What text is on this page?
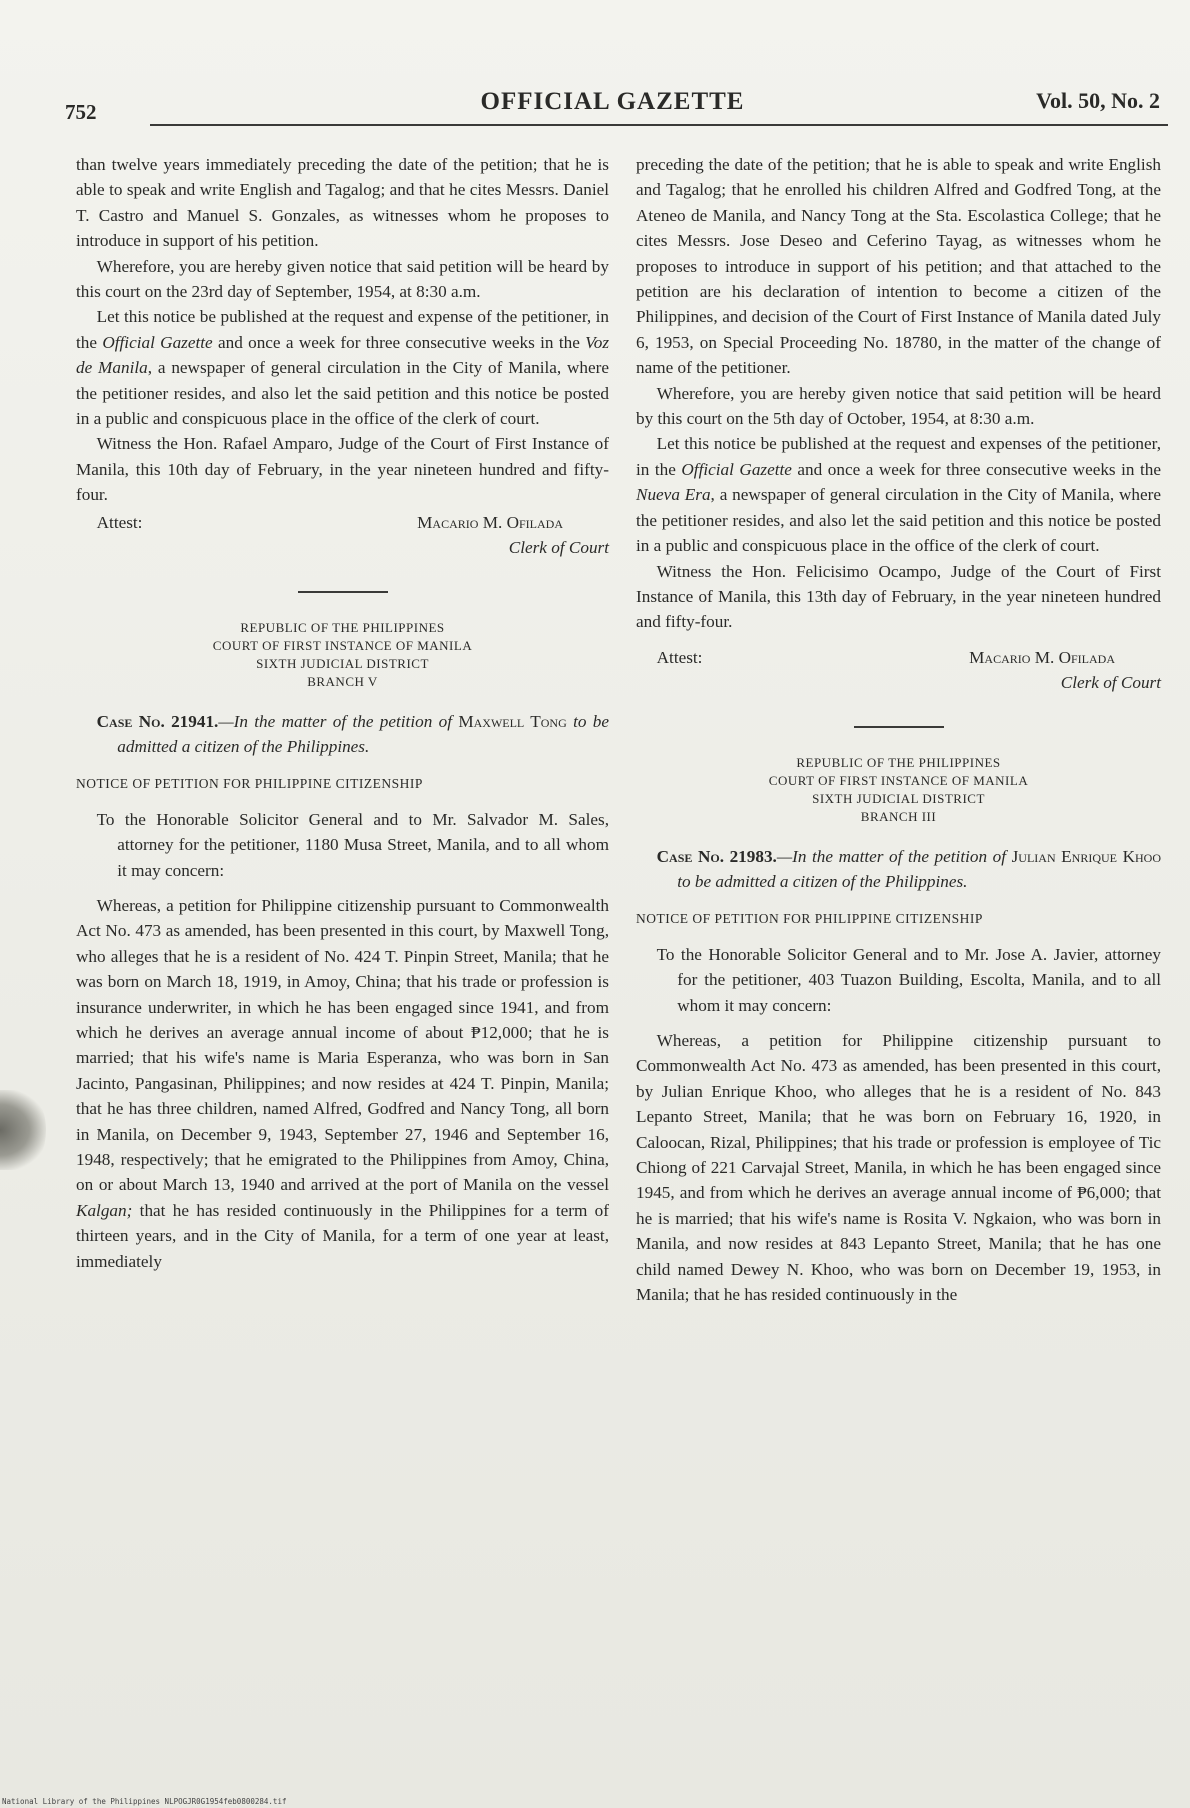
752	OFFICIAL GAZETTE	Vol. 50, No. 2

than twelve years immediately preceding the date of the petition; that he is able to speak and write English and Tagalog; and that he cites Messrs. Daniel T. Castro and Manuel S. Gonzales, as witnesses whom he proposes to introduce in support of his petition.

Wherefore, you are hereby given notice that said petition will be heard by this court on the 23rd day of September, 1954, at 8:30 a.m.

Let this notice be published at the request and expense of the petitioner, in the Official Gazette and once a week for three consecutive weeks in the Voz de Manila, a newspaper of general circulation in the City of Manila, where the petitioner resides, and also let the said petition and this notice be posted in a public and conspicuous place in the office of the clerk of court.

Witness the Hon. Rafael Amparo, Judge of the Court of First Instance of Manila, this 10th day of February, in the year nineteen hundred and fifty-four.

Attest:	Macario M. Ofilada
Clerk of Court
REPUBLIC OF THE PHILIPPINES
COURT OF FIRST INSTANCE OF MANILA
SIXTH JUDICIAL DISTRICT
BRANCH V

Case No. 21941.—In the matter of the petition of Maxwell Tong to be admitted a citizen of the Philippines.

NOTICE OF PETITION FOR PHILIPPINE CITIZENSHIP

To the Honorable Solicitor General and to Mr. Salvador M. Sales, attorney for the petitioner, 1180 Musa Street, Manila, and to all whom it may concern:

Whereas, a petition for Philippine citizenship pursuant to Commonwealth Act No. 473 as amended, has been presented in this court, by Maxwell Tong, who alleges that he is a resident of No. 424 T. Pinpin Street, Manila; that he was born on March 18, 1919, in Amoy, China; that his trade or profession is insurance underwriter, in which he has been engaged since 1941, and from which he derives an average annual income of about ₱12,000; that he is married; that his wife's name is Maria Esperanza, who was born in San Jacinto, Pangasinan, Philippines; and now resides at 424 T. Pinpin, Manila; that he has three children, named Alfred, Godfred and Nancy Tong, all born in Manila, on December 9, 1943, September 27, 1946 and September 16, 1948, respectively; that he emigrated to the Philippines from Amoy, China, on or about March 13, 1940 and arrived at the port of Manila on the vessel Kalgan; that he has resided continuously in the Philippines for a term of thirteen years, and in the City of Manila, for a term of one year at least, immediately

preceding the date of the petition; that he is able to speak and write English and Tagalog; that he enrolled his children Alfred and Godfred Tong, at the Ateneo de Manila, and Nancy Tong at the Sta. Escolastica College; that he cites Messrs. Jose Deseo and Ceferino Tayag, as witnesses whom he proposes to introduce in support of his petition; and that attached to the petition are his declaration of intention to become a citizen of the Philippines, and decision of the Court of First Instance of Manila dated July 6, 1953, on Special Proceeding No. 18780, in the matter of the change of name of the petitioner.

Wherefore, you are hereby given notice that said petition will be heard by this court on the 5th day of October, 1954, at 8:30 a.m.

Let this notice be published at the request and expenses of the petitioner, in the Official Gazette and once a week for three consecutive weeks in the Nueva Era, a newspaper of general circulation in the City of Manila, where the petitioner resides, and also let the said petition and this notice be posted in a public and conspicuous place in the office of the clerk of court.

Witness the Hon. Felicisimo Ocampo, Judge of the Court of First Instance of Manila, this 13th day of February, in the year nineteen hundred and fifty-four.

Attest:	Macario M. Ofilada
Clerk of Court
REPUBLIC OF THE PHILIPPINES
COURT OF FIRST INSTANCE OF MANILA
SIXTH JUDICIAL DISTRICT
BRANCH III

Case No. 21983.—In the matter of the petition of Julian Enrique Khoo to be admitted a citizen of the Philippines.

NOTICE OF PETITION FOR PHILIPPINE CITIZENSHIP

To the Honorable Solicitor General and to Mr. Jose A. Javier, attorney for the petitioner, 403 Tuazon Building, Escolta, Manila, and to all whom it may concern:

Whereas, a petition for Philippine citizenship pursuant to Commonwealth Act No. 473 as amended, has been presented in this court, by Julian Enrique Khoo, who alleges that he is a resident of No. 843 Lepanto Street, Manila; that he was born on February 16, 1920, in Caloocan, Rizal, Philippines; that his trade or profession is employee of Tic Chiong of 221 Carvajal Street, Manila, in which he has been engaged since 1945, and from which he derives an average annual income of ₱6,000; that he is married; that his wife's name is Rosita V. Ngkaion, who was born in Manila, and now resides at 843 Lepanto Street, Manila; that he has one child named Dewey N. Khoo, who was born on December 19, 1953, in Manila; that he has resided continuously in the

National Library of the Philippines NLPOGJR0G1954feb0800284.tif
